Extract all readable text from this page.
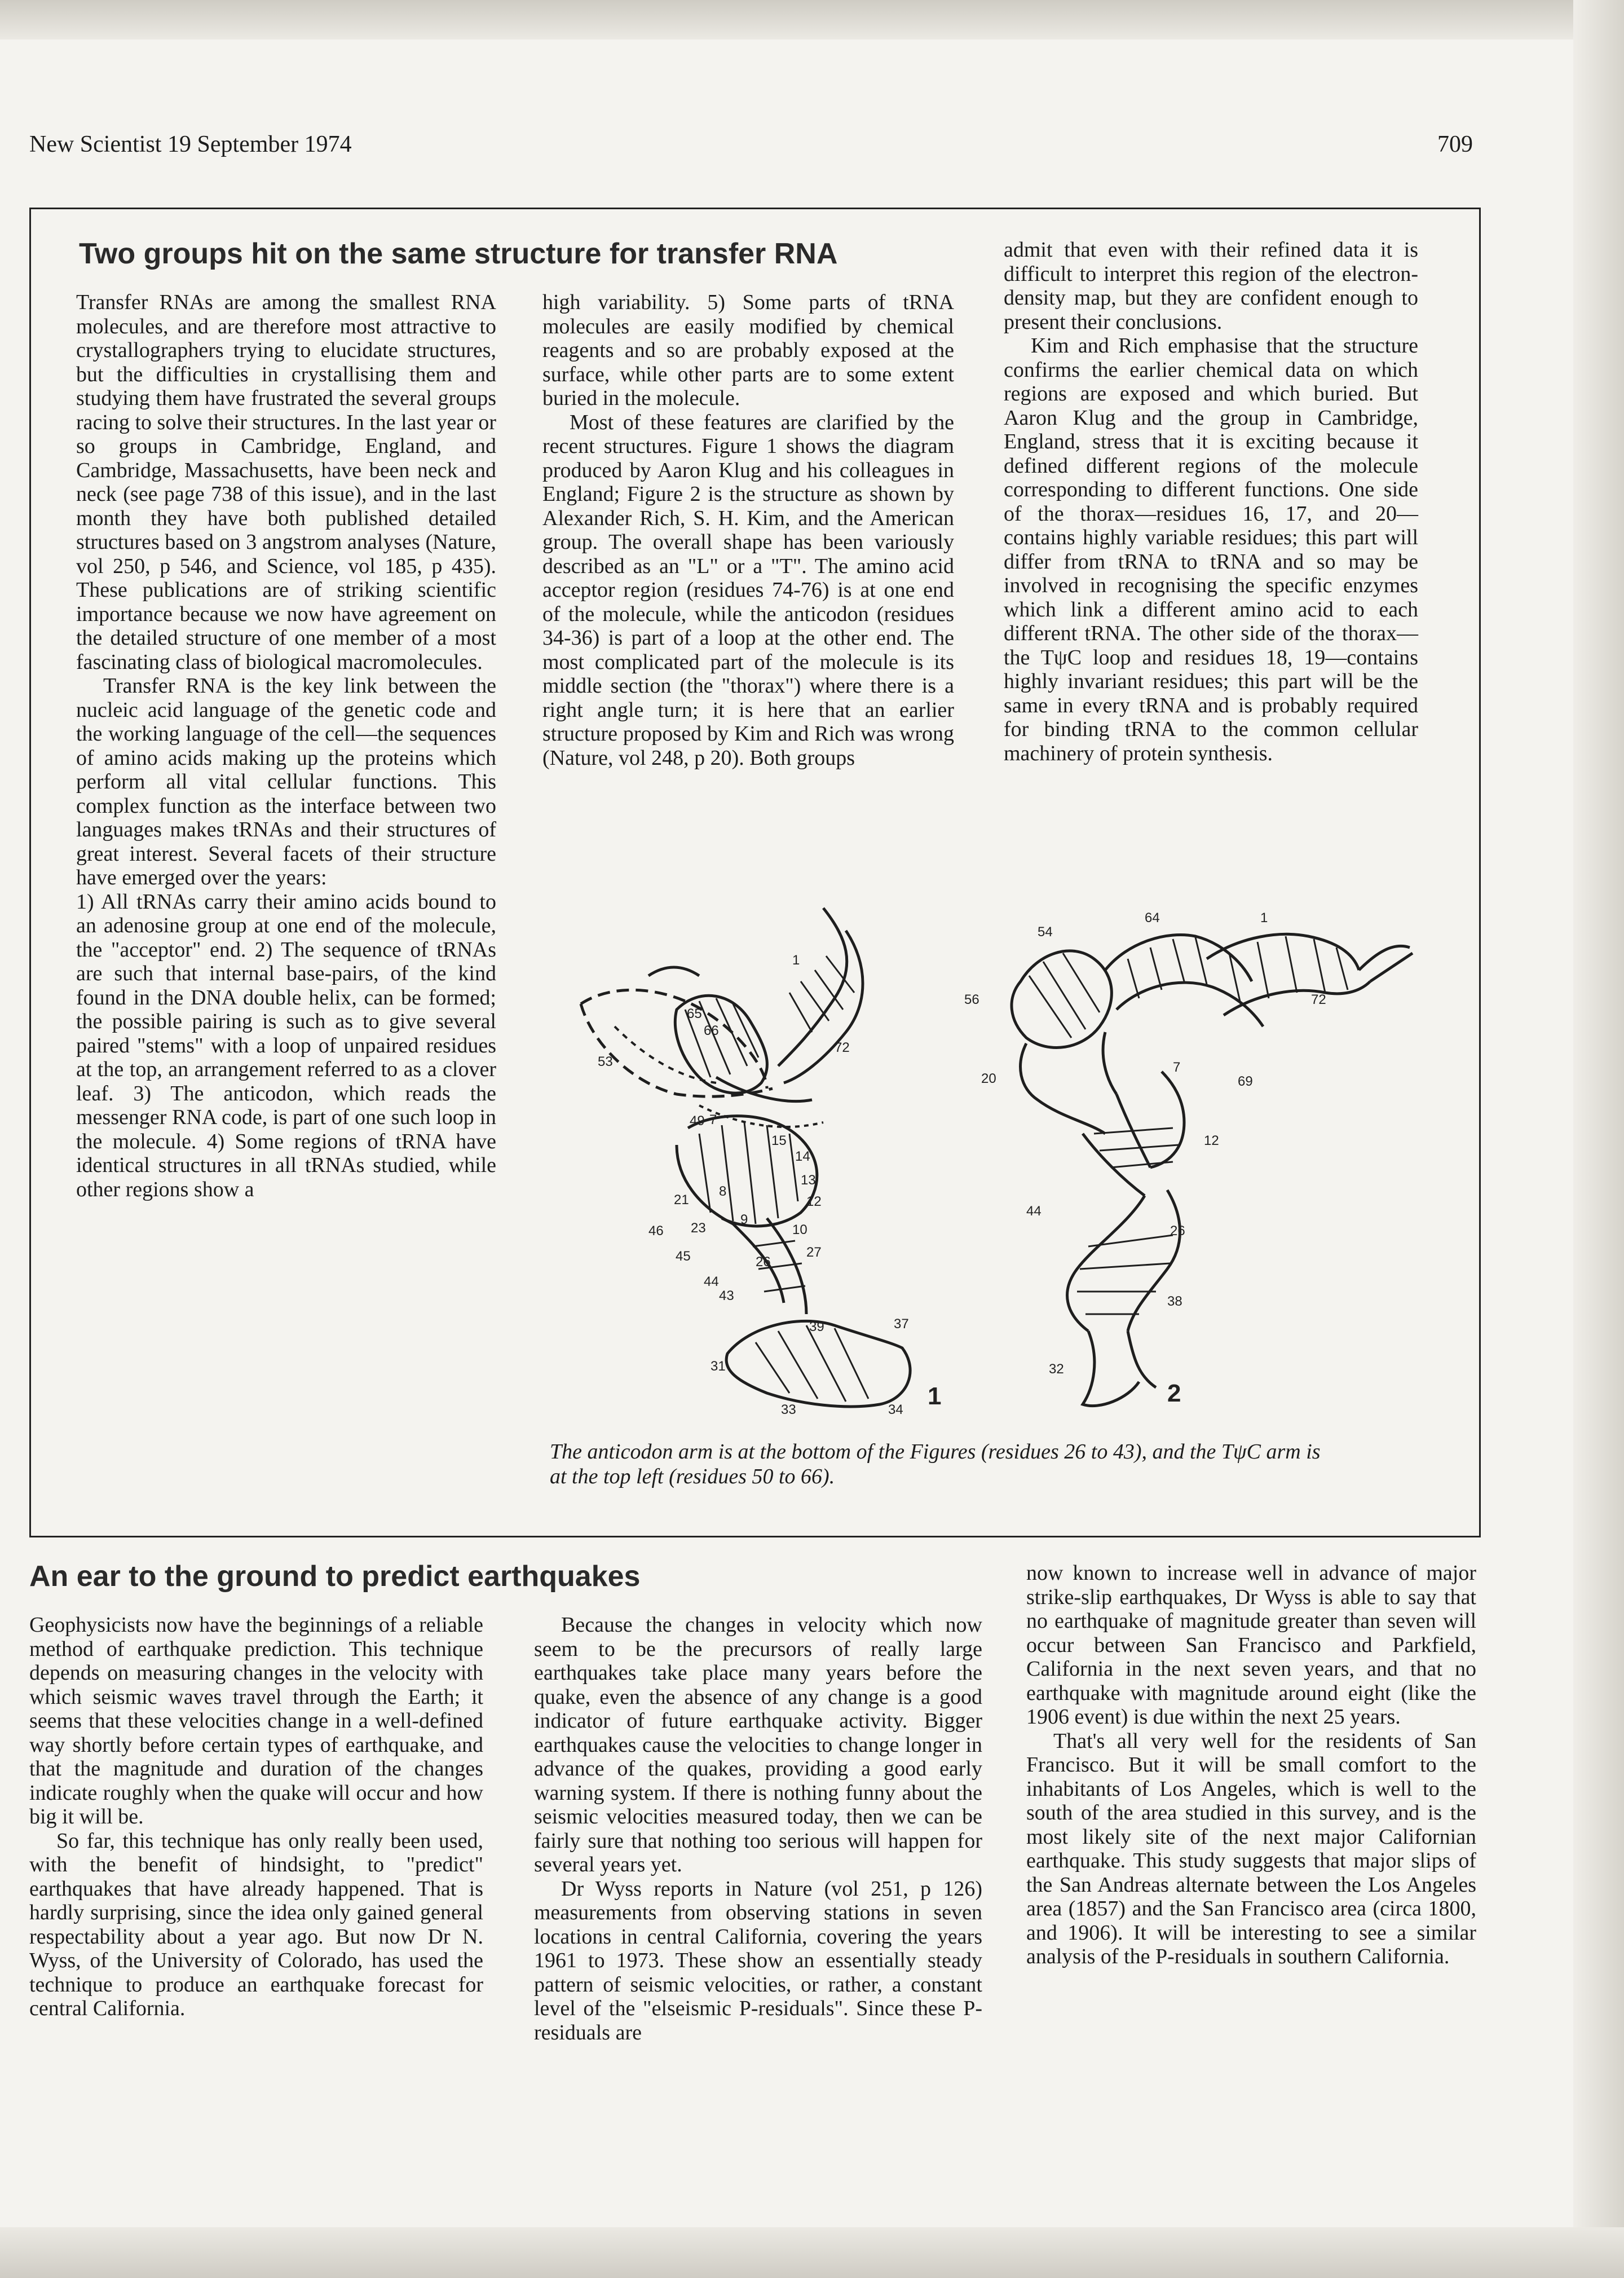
New Scientist 19 September 1974	709
Two groups hit on the same structure for transfer RNA

Transfer RNAs are among the smallest RNA molecules, and are therefore most attractive to crystallographers trying to elucidate structures, but the difficulties in crystallising them and studying them have frustrated the several groups racing to solve their structures. In the last year or so groups in Cambridge, England, and Cambridge, Massachusetts, have been neck and neck (see page 738 of this issue), and in the last month they have both published detailed structures based on 3 angstrom analyses (Nature, vol 250, p 546, and Science, vol 185, p 435). These publications are of striking scientific importance because we now have agreement on the detailed structure of one member of a most fascinating class of biological macromolecules.

Transfer RNA is the key link between the nucleic acid language of the genetic code and the working language of the cell—the sequences of amino acids making up the proteins which perform all vital cellular functions. This complex function as the interface between two languages makes tRNAs and their structures of great interest. Several facets of their structure have emerged over the years:

1) All tRNAs carry their amino acids bound to an adenosine group at one end of the molecule, the "acceptor" end. 2) The sequence of tRNAs are such that internal base-pairs, of the kind found in the DNA double helix, can be formed; the possible pairing is such as to give several paired "stems" with a loop of unpaired residues at the top, an arrangement referred to as a clover leaf. 3) The anticodon, which reads the messenger RNA code, is part of one such loop in the molecule. 4) Some regions of tRNA have identical structures in all tRNAs studied, while other regions show a

high variability. 5) Some parts of tRNA molecules are easily modified by chemical reagents and so are probably exposed at the surface, while other parts are to some extent buried in the molecule.

Most of these features are clarified by the recent structures. Figure 1 shows the diagram produced by Aaron Klug and his colleagues in England; Figure 2 is the structure as shown by Alexander Rich, S. H. Kim, and the American group. The overall shape has been variously described as an "L" or a "T". The amino acid acceptor region (residues 74-76) is at one end of the molecule, while the anticodon (residues 34-36) is part of a loop at the other end. The most complicated part of the molecule is its middle section (the "thorax") where there is a right angle turn; it is here that an earlier structure proposed by Kim and Rich was wrong (Nature, vol 248, p 20). Both groups

admit that even with their refined data it is difficult to interpret this region of the electron-density map, but they are confident enough to present their conclusions.

Kim and Rich emphasise that the structure confirms the earlier chemical data on which regions are exposed and which buried. But Aaron Klug and the group in Cambridge, England, stress that it is exciting because it defined different regions of the molecule corresponding to different functions. One side of the thorax—residues 16, 17, and 20—contains highly variable residues; this part will differ from tRNA to tRNA and so may be involved in recognising the specific enzymes which link a different amino acid to each different tRNA. The other side of the thorax—the TψC loop and residues 18, 19—contains highly invariant residues; this part will be the same in every tRNA and is probably required for binding tRNA to the common cellular machinery of protein synthesis.

1
72
65
66
53
49 7
15
14
13
12
8
21
9
23	10
46
45	27
26
44
43
39	37
31
33	34 1
54
64	1
56	72
20
7
69
12
44
26
38
32
2
The anticodon arm is at the bottom of the Figures (residues 26 to 43), and the TψC arm is at the top left (residues 50 to 66).
An ear to the ground to predict earthquakes

Geophysicists now have the beginnings of a reliable method of earthquake prediction. This technique depends on measuring changes in the velocity with which seismic waves travel through the Earth; it seems that these velocities change in a well-defined way shortly before certain types of earthquake, and that the magnitude and duration of the changes indicate roughly when the quake will occur and how big it will be.

So far, this technique has only really been used, with the benefit of hindsight, to "predict" earthquakes that have already happened. That is hardly surprising, since the idea only gained general respectability about a year ago. But now Dr N. Wyss, of the University of Colorado, has used the technique to produce an earthquake forecast for central California.

Because the changes in velocity which now seem to be the precursors of really large earthquakes take place many years before the quake, even the absence of any change is a good indicator of future earthquake activity. Bigger earthquakes cause the velocities to change longer in advance of the quakes, providing a good early warning system. If there is nothing funny about the seismic velocities measured today, then we can be fairly sure that nothing too serious will happen for several years yet.

Dr Wyss reports in Nature (vol 251, p 126) measurements from observing stations in seven locations in central California, covering the years 1961 to 1973. These show an essentially steady pattern of seismic velocities, or rather, a constant level of the "elseismic P-residuals". Since these P-residuals are

now known to increase well in advance of major strike-slip earthquakes, Dr Wyss is able to say that no earthquake of magnitude greater than seven will occur between San Francisco and Parkfield, California in the next seven years, and that no earthquake with magnitude around eight (like the 1906 event) is due within the next 25 years.

That's all very well for the residents of San Francisco. But it will be small comfort to the inhabitants of Los Angeles, which is well to the south of the area studied in this survey, and is the most likely site of the next major Californian earthquake. This study suggests that major slips of the San Andreas alternate between the Los Angeles area (1857) and the San Francisco area (circa 1800, and 1906). It will be interesting to see a similar analysis of the P-residuals in southern California.
